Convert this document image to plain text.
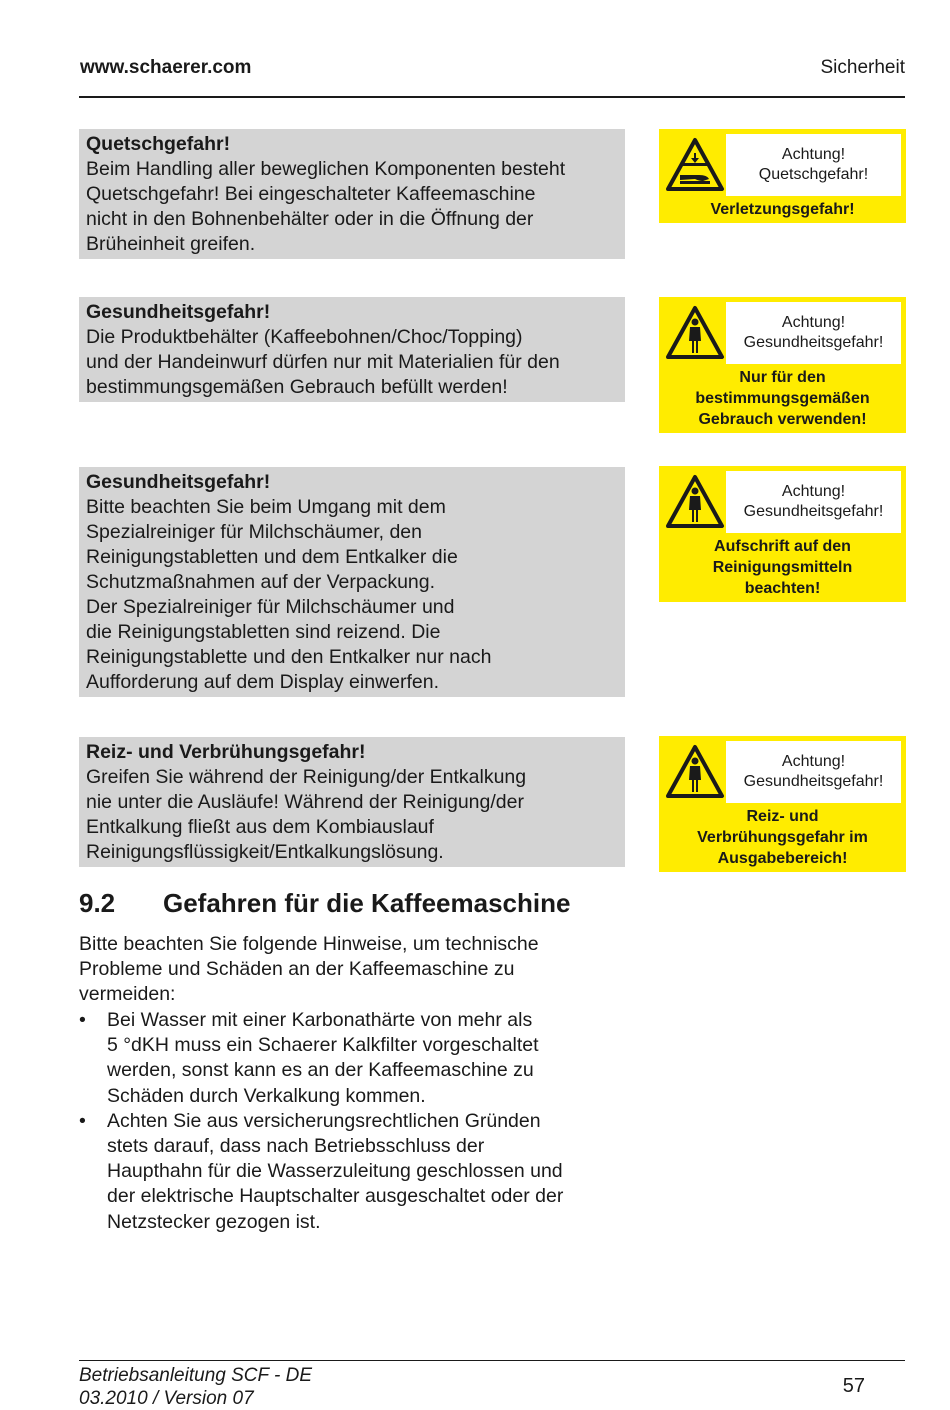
www.schaerer.com	Sicherheit
Quetschgefahr!
Beim Handling aller beweglichen Komponenten besteht
Quetschgefahr! Bei eingeschalteter Kaffeemaschine
nicht in den Bohnenbehälter oder in die Öffnung der
Brüheinheit greifen.
Achtung!
Quetschgefahr!
Verletzungsgefahr!
Gesundheitsgefahr!
Die Produktbehälter (Kaffeebohnen/Choc/Topping)
und der Handeinwurf dürfen nur mit Materialien für den
bestimmungsgemäßen Gebrauch befüllt werden!
Achtung!
Gesundheitsgefahr!
Nur für den
bestimmungsgemäßen
Gebrauch verwenden!
Gesundheitsgefahr!
Bitte beachten Sie beim Umgang mit dem
Spezialreiniger für Milchschäumer, den
Reinigungstabletten und dem Entkalker die
Schutzmaßnahmen auf der Verpackung.
Der Spezialreiniger für Milchschäumer und
die Reinigungstabletten sind reizend. Die
Reinigungstablette und den Entkalker nur nach
Aufforderung auf dem Display einwerfen.
Achtung!
Gesundheitsgefahr!
Aufschrift auf den
Reinigungsmitteln
beachten!
Reiz- und Verbrühungsgefahr!
Greifen Sie während der Reinigung/der Entkalkung
nie unter die Ausläufe! Während der Reinigung/der
Entkalkung fließt aus dem Kombiauslauf
Reinigungsflüssigkeit/Entkalkungslösung.
Achtung!
Gesundheitsgefahr!
Reiz- und
Verbrühungsgefahr im
Ausgabebereich!
9.2 Gefahren für die Kaffeemaschine
Bitte beachten Sie folgende Hinweise, um technische
Probleme und Schäden an der Kaffeemaschine zu
vermeiden:
• Bei Wasser mit einer Karbonathärte von mehr als
5 °dKH muss ein Schaerer Kalkfilter vorgeschaltet
werden, sonst kann es an der Kaffeemaschine zu
Schäden durch Verkalkung kommen.
• Achten Sie aus versicherungsrechtlichen Gründen
stets darauf, dass nach Betriebsschluss der
Haupthahn für die Wasserzuleitung geschlossen und
der elektrische Hauptschalter ausgeschaltet oder der
Netzstecker gezogen ist.
Betriebsanleitung SCF - DE
03.2010 / Version 07
57
